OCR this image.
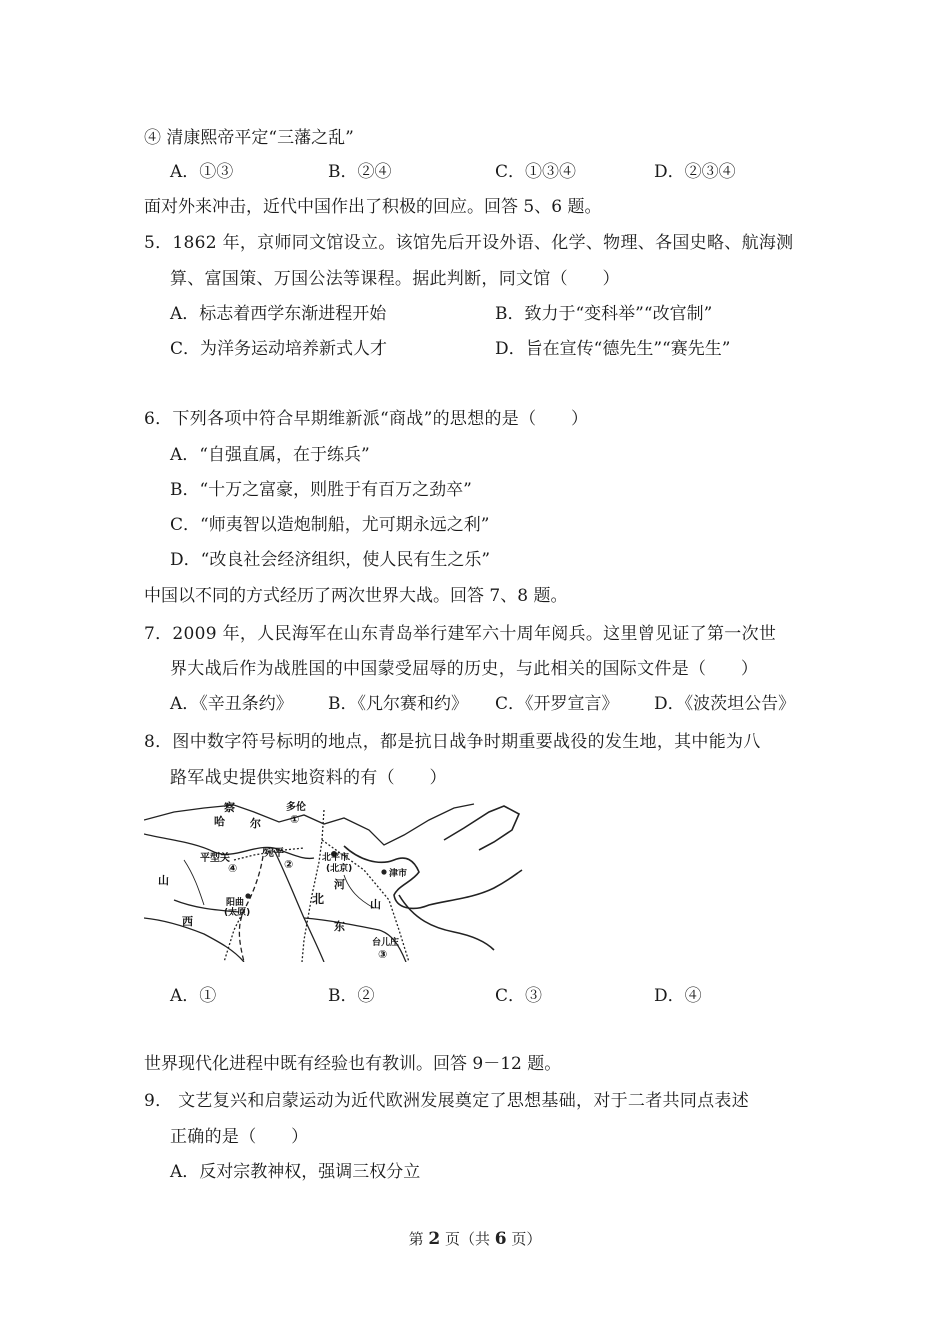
④ 清康熙帝平定“三藩之乱”
A．①③	B．②④	C．①③④	D．②③④
面对外来冲击，近代中国作出了积极的回应。回答 5、6 题。
5．1862 年，京师同文馆设立。该馆先后开设外语、化学、物理、各国史略、航海测
算、富国策、万国公法等课程。据此判断，同文馆（　　）
A．标志着西学东渐进程开始	B．致力于“变科举”“改官制”
C．为洋务运动培养新式人才	D．旨在宣传“德先生”“赛先生”
6．下列各项中符合早期维新派“商战”的思想的是（　　）
A．“自强直属，在于练兵”
B．“十万之富豪，则胜于有百万之劲卒”
C．“师夷智以造炮制船，尤可期永远之利”
D．“改良社会经济组织，使人民有生之乐”
中国以不同的方式经历了两次世界大战。回答 7、8 题。
7．2009 年，人民海军在山东青岛举行建军六十周年阅兵。这里曾见证了第一次世
界大战后作为战胜国的中国蒙受屈辱的历史，与此相关的国际文件是（　　）
A．《辛丑条约》 B．《凡尔赛和约》 C．《开罗宣言》 D．《波茨坦公告》
8．图中数字符号标明的地点，都是抗日战争时期重要战役的发生地，其中能为八
路军战史提供实地资料的有（　　）
察
哈 尔
多伦
①
平型关
④
宛平
②	北平市
(北京)	津市
山	河
北
阳曲
(太原)
西
山
东
台儿庄
③
A．①	B．②	C．③	D．④
世界现代化进程中既有经验也有教训。回答 9－12 题。
9． 文艺复兴和启蒙运动为近代欧洲发展奠定了思想基础，对于二者共同点表述
正确的是（　　）
A．反对宗教神权，强调三权分立
第 2 页（共 6 页）
